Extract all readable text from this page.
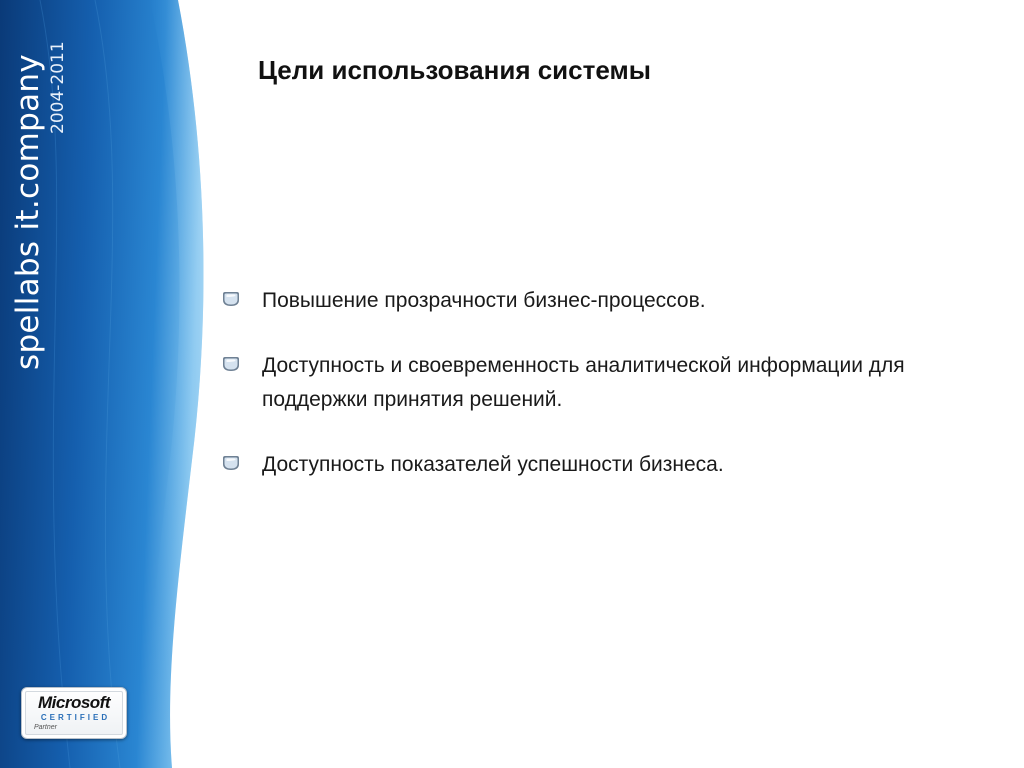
spellabs it.company 2004-2011
Microsoft
CERTIFIED
Partner
Цели использования системы
Повышение прозрачности бизнес-процессов.
Доступность и своевременность аналитической информации для поддержки принятия решений.
Доступность показателей успешности бизнеса.
